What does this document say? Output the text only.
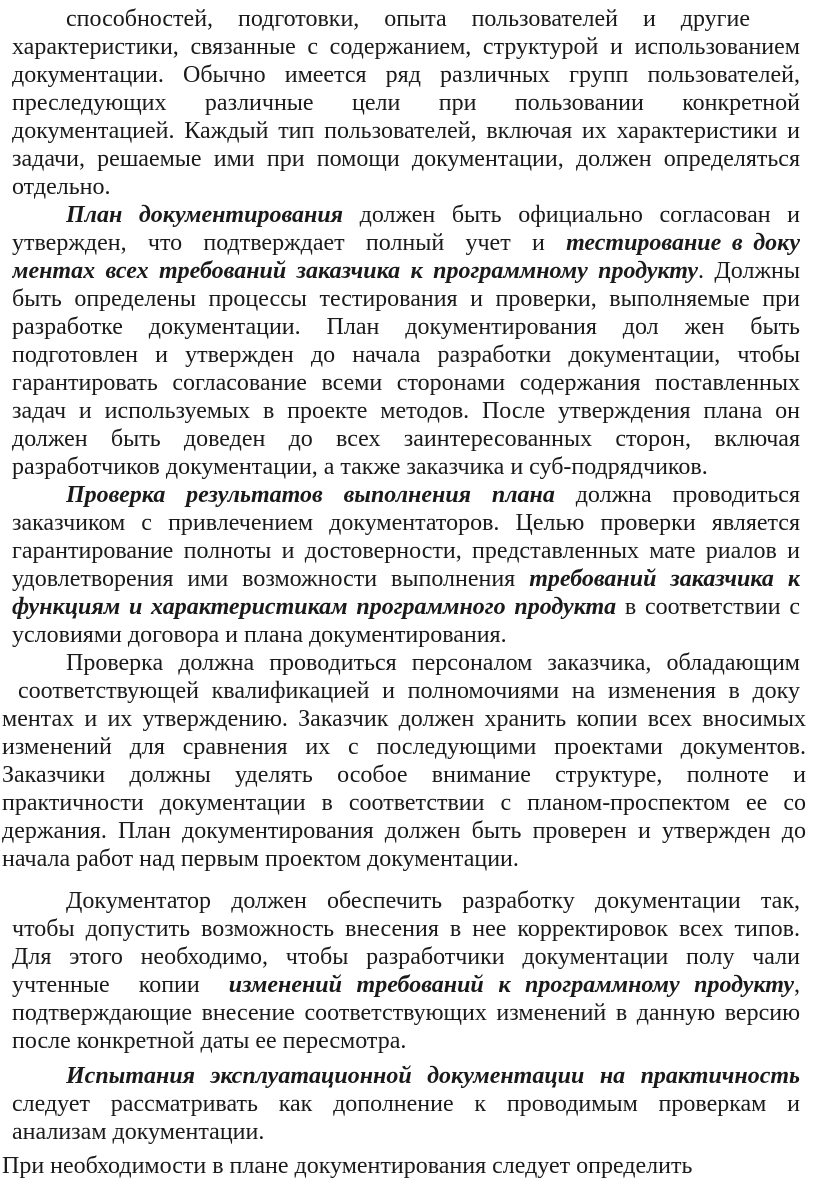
способностей,   подготовки,   опыта   пользователей   и   другие
характеристики, связанные с содержанием, структурой и использованием
документации.  Обычно  имеется  ряд  различных  групп  пользователей,
преследующих    различные    цели    при    пользовании    конкретной
документацией. Каждый тип пользователей, включая их характеристики и
задачи, решаемые ими при помощи документации, должен определяться
отдельно.
План документирования должен быть официально согласован и
утвержден,  что  подтверждает  полный  учет  и  тестирование в доку
ментах всех требований заказчика к программному продукту. Должны
быть определены процессы тестирования и проверки, выполняемые при
разработке  документации.  План  документирования  дол  жен  быть
подготовлен и утвержден до начала разработки документации, чтобы
гарантировать согласование всеми сторонами содержания поставленных
задач и используемых в проекте методов. После утверждения плана он
должен   быть   доведен   до   всех   заинтересованных   сторон,   включая
разработчиков документации, а также заказчика и суб-подрядчиков.
Проверка результатов выполнения плана должна проводиться
заказчиком с привлечением документаторов. Целью проверки является
гарантирование полноты и достоверности, представленных мате риалов и
удовлетворения ими возможности выполнения требований заказчика к
функциям и характеристикам программного продукта в соответствии с
условиями договора и плана документирования.
Проверка должна проводиться персоналом заказчика, обладающим
соответствующей квалификацией и полномочиями на изменения в доку
ментах и их утверждению. Заказчик должен хранить копии всех вносимых
изменений для сравнения их с последующими проектами документов.
Заказчики   должны   уделять   особое   внимание   структуре,   полноте   и
практичности документации в соответствии с планом-проспектом ее со
держания. План документирования должен быть проверен и утвержден до
начала работ над первым проектом документации.
Документатор должен обеспечить разработку документации так,
чтобы допустить возможность внесения в нее корректировок всех типов.
Для этого необходимо, чтобы разработчики документации полу чали
учтенные  копии  изменений требований к программному продукту,
подтверждающие внесение соответствующих изменений в данную версию
после конкретной даты ее пересмотра.
Испытания эксплуатационной документации на практичность
следует  рассматривать  как  дополнение  к  проводимым  проверкам  и
анализам документации.
При необходимости в плане документирования следует определить
